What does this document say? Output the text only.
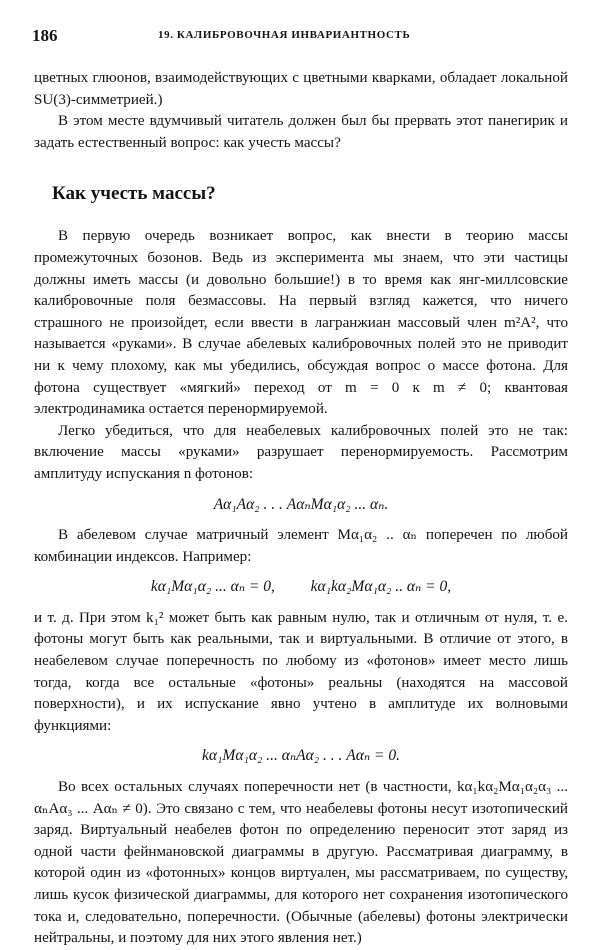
186	19. КАЛИБРОВОЧНАЯ ИНВАРИАНТНОСТЬ

цветных глюонов, взаимодействующих с цветными кварками, обладает локальной SU(3)-симметрией.)

В этом месте вдумчивый читатель должен был бы прервать этот панегирик и задать естественный вопрос: как учесть массы?

Как учесть массы?

В первую очередь возникает вопрос, как внести в теорию массы промежуточных бозонов. Ведь из эксперимента мы знаем, что эти частицы должны иметь массы (и довольно большие!) в то время как янг-миллсовские калибровочные поля безмассовы. На первый взгляд кажется, что ничего страшного не произойдет, если ввести в лагранжиан массовый член m²A², что называется «руками». В случае абелевых калибровочных полей это не приводит ни к чему плохому, как мы убедились, обсуждая вопрос о массе фотона. Для фотона существует «мягкий» переход от m = 0 к m ≠ 0; квантовая электродинамика остается перенормируемой.

Легко убедиться, что для неабелевых калибровочных полей это не так: включение массы «руками» разрушает перенормируемость. Рассмотрим амплитуду испускания n фотонов:

Aα₁Aα₂ . . . AαₙMα₁α₂ ... αₙ.

В абелевом случае матричный элемент Mα₁α₂ .. αₙ поперечен по любой комбинации индексов. Например:

kα₁Mα₁α₂ ... αₙ = 0, kα₁kα₂Mα₁α₂ .. αₙ = 0,

и т. д. При этом k₁² может быть как равным нулю, так и отличным от нуля, т. е. фотоны могут быть как реальными, так и виртуальными. В отличие от этого, в неабелевом случае поперечность по любому из «фотонов» имеет место лишь тогда, когда все остальные «фотоны» реальны (находятся на массовой поверхности), и их испускание явно учтено в амплитуде их волновыми функциями:

kα₁Mα₁α₂ ... αₙAα₂ . . . Aαₙ = 0.

Во всех остальных случаях поперечности нет (в частности, kα₁kα₂Mα₁α₂α₃ ... αₙAα₃ ... Aαₙ ≠ 0). Это связано с тем, что неабелевы фотоны несут изотопический заряд. Виртуальный неабелев фотон по определению переносит этот заряд из одной части фейнмановской диаграммы в другую. Рассматривая диаграмму, в которой один из «фотонных» концов виртуален, мы рассматриваем, по существу, лишь кусок физической диаграммы, для которого нет сохранения изотопического тока и, следовательно, поперечности. (Обычные (абелевы) фотоны электрически нейтральны, и поэтому для них этого явления нет.)
